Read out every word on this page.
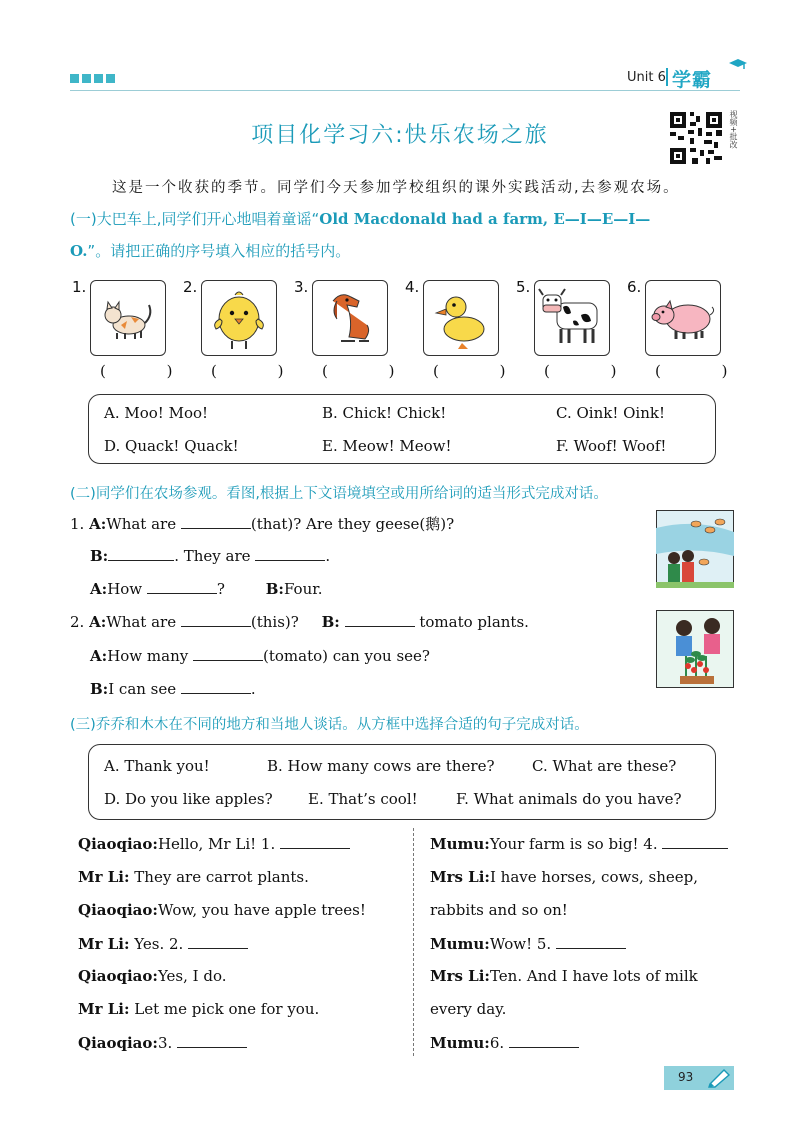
Unit 6 学霸
项目化学习六:快乐农场之旅	视频+批改
这是一个收获的季节。同学们今天参加学校组织的课外实践活动,去参观农场。
(一)大巴车上,同学们开心地唱着童谣“Old Macdonald had a farm, E—I—E—I—
O.”。请把正确的序号填入相应的括号内。
1.	2.	3.	4.	5.	6.
( ) ( ) ( ) ( ) ( ) ( )
A. Moo! Moo!	B. Chick! Chick!	C. Oink! Oink!
D. Quack! Quack!	E. Meow! Meow!	F. Woof! Woof!
(二)同学们在农场参观。看图,根据上下文语境填空或用所给词的适当形式完成对话。
1. A:What are	(that)? Are they geese(鹅)?
B:	. They are	.
A:How	?	B:Four.
2. A:What are	(this)? B:	tomato plants.
A:How many	(tomato) can you see?
B:I can see	.
(三)乔乔和木木在不同的地方和当地人谈话。从方框中选择合适的句子完成对话。
A. Thank you!	B. How many cows are there?	C. What are these?
D. Do you like apples? E. That’s cool!	F. What animals do you have?
Qiaoqiao:Hello, Mr Li! 1.
Mr Li: They are carrot plants.
Qiaoqiao:Wow, you have apple trees!
Mr Li: Yes. 2.
Qiaoqiao:Yes, I do.
Mr Li: Let me pick one for you.
Qiaoqiao:3.
Mumu:Your farm is so big! 4.
Mrs Li:I have horses, cows, sheep,
rabbits and so on!
Mumu:Wow! 5.
Mrs Li:Ten. And I have lots of milk
every day.
Mumu:6.
93
